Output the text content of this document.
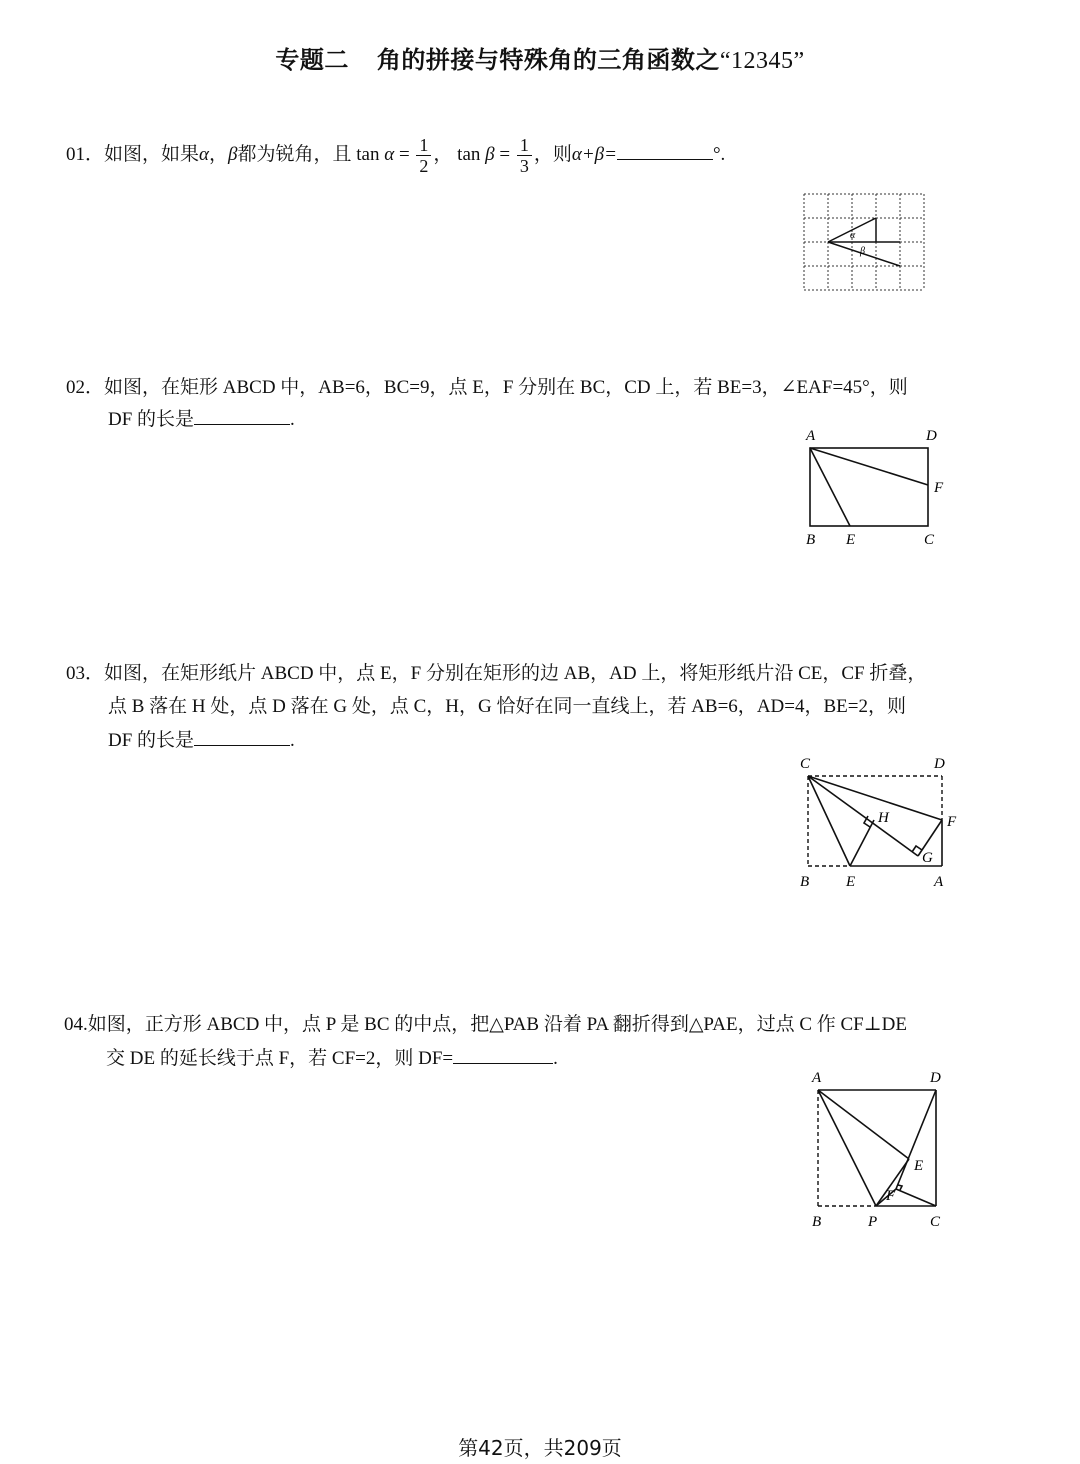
专题二 角的拼接与特殊角的三角函数之“12345”
01．如图，如果α，β都为锐角，且 $\tan \alpha = \frac{1}{2}$ ， $\tan \beta = \frac{1}{3}$ ，则α+β=	°.
α
β
02．如图，在矩形 ABCD 中，AB=6，BC=9，点 E，F 分别在 BC，CD 上，若 BE=3，∠EAF=45°，则
DF 的长是	.
A	D
F
B E	C
03．如图，在矩形纸片 ABCD 中，点 E，F 分别在矩形的边 AB，AD 上，将矩形纸片沿 CE，CF 折叠，
点 B 落在 H 处，点 D 落在 G 处，点 C，H，G 恰好在同一直线上，若 AB=6，AD=4，BE=2，则
DF 的长是	.
C	D
H	F
G
B E	A
04.如图，正方形 ABCD 中，点 P 是 BC 的中点，把△PAB 沿着 PA 翻折得到△PAE，过点 C 作 CF⊥DE
交 DE 的延长线于点 F，若 CF=2，则 DF=	.
A	D
E
F
B	P	C
第42页，共209页
